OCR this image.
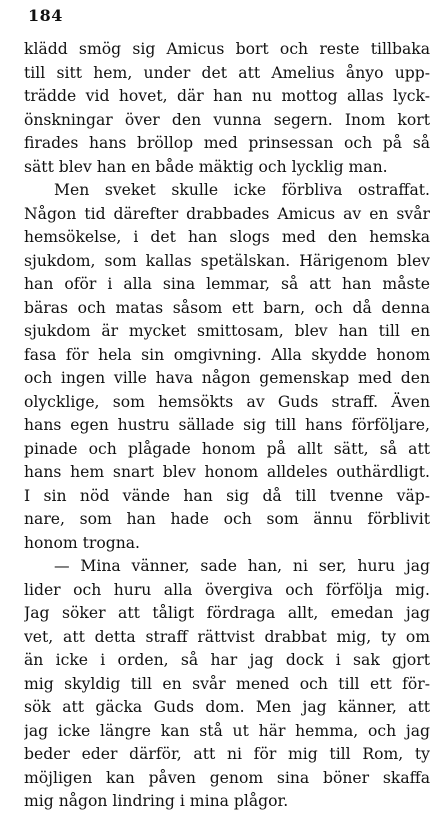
184
klädd smög sig Amicus bort och reste tillbaka
till sitt hem, under det att Amelius ånyo upp-
trädde vid hovet, där han nu mottog allas lyck-
önskningar över den vunna segern. Inom kort
firades hans bröllop med prinsessan och på så
sätt blev han en både mäktig och lycklig man.
Men sveket skulle icke förbliva ostraffat.
Någon tid därefter drabbades Amicus av en svår
hemsökelse, i det han slogs med den hemska
sjukdom, som kallas spetälskan. Härigenom blev
han oför i alla sina lemmar, så att han måste
bäras och matas såsom ett barn, och då denna
sjukdom är mycket smittosam, blev han till en
fasa för hela sin omgivning. Alla skydde honom
och ingen ville hava någon gemenskap med den
olycklige, som hemsökts av Guds straff. Även
hans egen hustru sällade sig till hans förföljare,
pinade och plågade honom på allt sätt, så att
hans hem snart blev honom alldeles outhärdligt.
I sin nöd vände han sig då till tvenne väp-
nare, som han hade och som ännu förblivit
honom trogna.
— Mina vänner, sade han, ni ser, huru jag
lider och huru alla övergiva och förfölja mig.
Jag söker att tåligt fördraga allt, emedan jag
vet, att detta straff rättvist drabbat mig, ty om
än icke i orden, så har jag dock i sak gjort
mig skyldig till en svår mened och till ett för-
sök att gäcka Guds dom. Men jag känner, att
jag icke längre kan stå ut här hemma, och jag
beder eder därför, att ni för mig till Rom, ty
möjligen kan påven genom sina böner skaffa
mig någon lindring i mina plågor.
